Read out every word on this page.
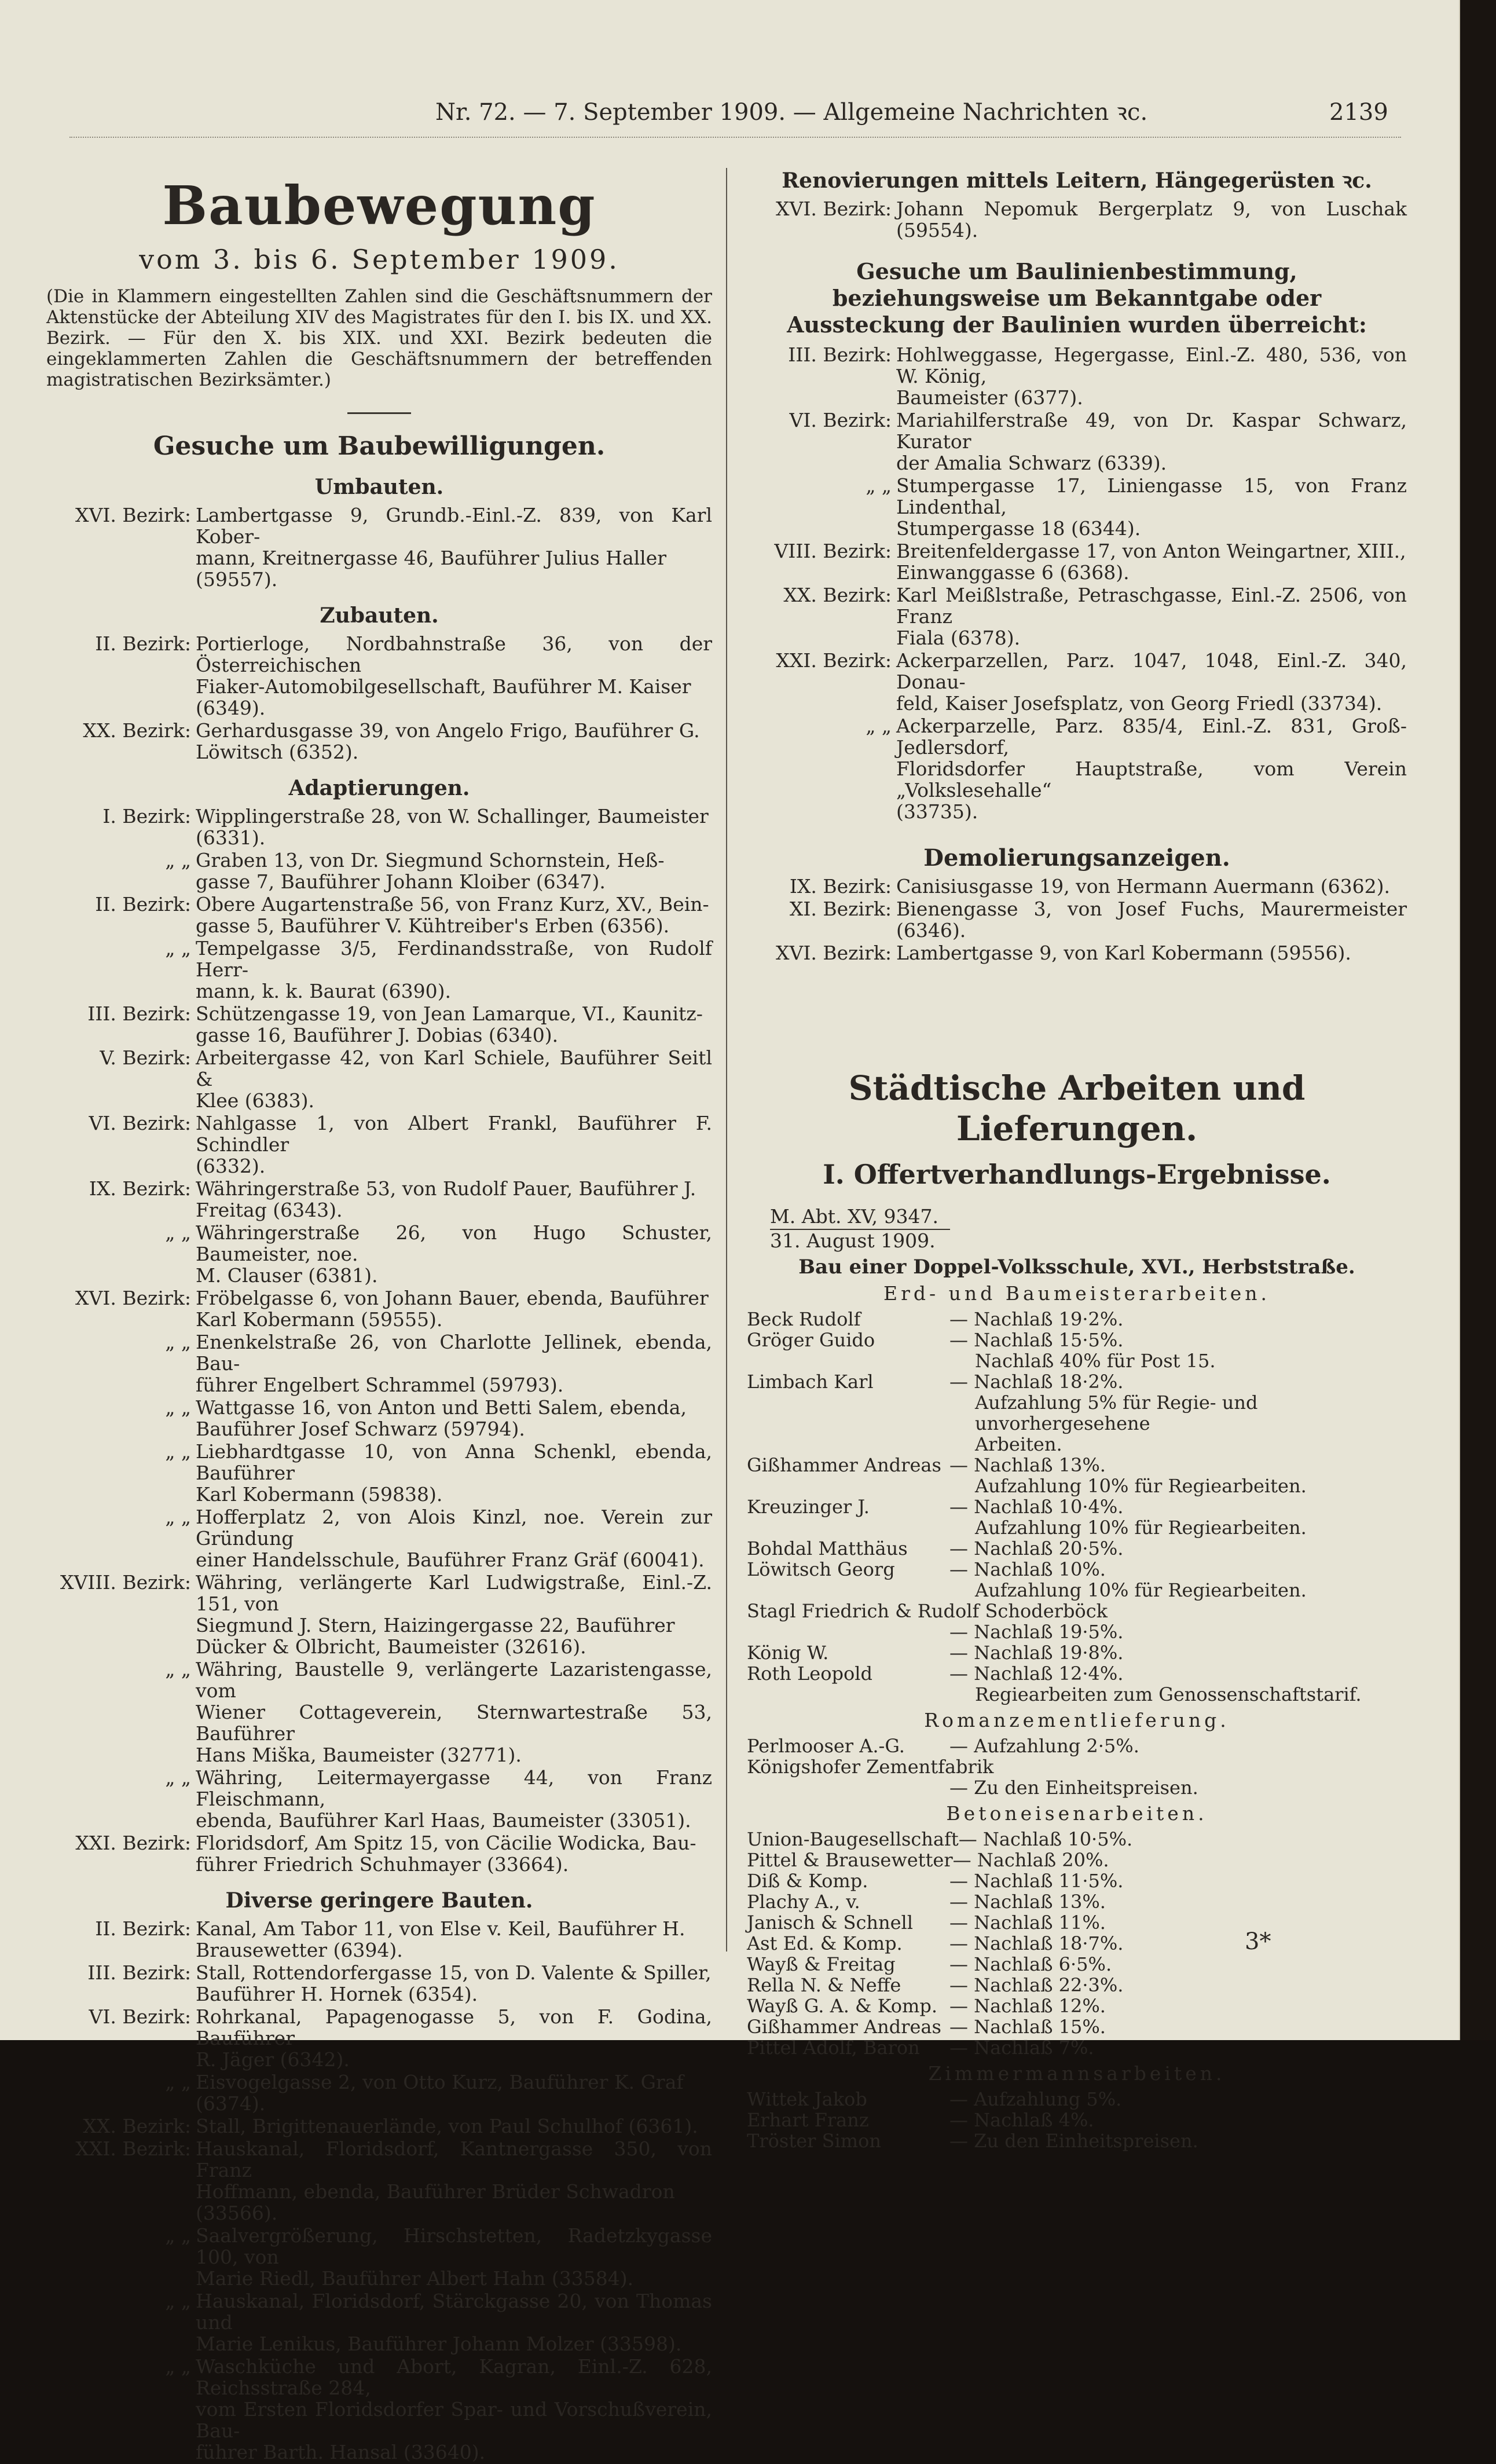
Nr. 72. — 7. September 1909. — Allgemeine Nachrichten ꝛc.	2139
Baubewegung
vom 3. bis 6. September 1909.
(Die in Klammern eingestellten Zahlen sind die Geschäftsnummern der Aktenstücke der Abteilung XIV des Magistrates für den I. bis IX. und XX. Bezirk. — Für den X. bis XIX. und XXI. Bezirk bedeuten die eingeklammerten Zahlen die Geschäftsnummern der betreffenden magistratischen Bezirksämter.)
Gesuche um Baubewilligungen.
Umbauten.
XVI. Bezirk: Lambertgasse 9, Grundb.-Einl.-Z. 839, von Karl Kober-
mann, Kreitnergasse 46, Bauführer Julius Haller
(59557).
Zubauten.
II. Bezirk: Portierloge, Nordbahnstraße 36, von der Österreichischen
Fiaker-Automobilgesellschaft, Bauführer M. Kaiser
(6349).
XX. Bezirk: Gerhardusgasse 39, von Angelo Frigo, Bauführer G.
Löwitsch (6352).
Adaptierungen.
I. Bezirk: Wipplingerstraße 28, von W. Schallinger, Baumeister
(6331).
„ „ Graben 13, von Dr. Siegmund Schornstein, Heß-
gasse 7, Bauführer Johann Kloiber (6347).
II. Bezirk: Obere Augartenstraße 56, von Franz Kurz, XV., Bein-
gasse 5, Bauführer V. Kühtreiber's Erben (6356).
„ „ Tempelgasse 3/5, Ferdinandsstraße, von Rudolf Herr-
mann, k. k. Baurat (6390).
III. Bezirk: Schützengasse 19, von Jean Lamarque, VI., Kaunitz-
gasse 16, Bauführer J. Dobias (6340).
V. Bezirk: Arbeitergasse 42, von Karl Schiele, Bauführer Seitl &
Klee (6383).
VI. Bezirk: Nahlgasse 1, von Albert Frankl, Bauführer F. Schindler
(6332).
IX. Bezirk: Währingerstraße 53, von Rudolf Pauer, Bauführer J.
Freitag (6343).
„ „ Währingerstraße 26, von Hugo Schuster, Baumeister, noe.
M. Clauser (6381).
XVI. Bezirk: Fröbelgasse 6, von Johann Bauer, ebenda, Bauführer
Karl Kobermann (59555).
„ „ Enenkelstraße 26, von Charlotte Jellinek, ebenda, Bau-
führer Engelbert Schrammel (59793).
„ „ Wattgasse 16, von Anton und Betti Salem, ebenda,
Bauführer Josef Schwarz (59794).
„ „ Liebhardtgasse 10, von Anna Schenkl, ebenda, Bauführer
Karl Kobermann (59838).
„ „ Hofferplatz 2, von Alois Kinzl, noe. Verein zur Gründung
einer Handelsschule, Bauführer Franz Gräf (60041).
XVIII. Bezirk: Währing, verlängerte Karl Ludwigstraße, Einl.-Z. 151, von
Siegmund J. Stern, Haizingergasse 22, Bauführer
Dücker & Olbricht, Baumeister (32616).
„ „ Währing, Baustelle 9, verlängerte Lazaristengasse, vom
Wiener Cottageverein, Sternwartestraße 53, Bauführer
Hans Miška, Baumeister (32771).
„ „ Währing, Leitermayergasse 44, von Franz Fleischmann,
ebenda, Bauführer Karl Haas, Baumeister (33051).
XXI. Bezirk: Floridsdorf, Am Spitz 15, von Cäcilie Wodicka, Bau-
führer Friedrich Schuhmayer (33664).
Diverse geringere Bauten.
II. Bezirk: Kanal, Am Tabor 11, von Else v. Keil, Bauführer H.
Brausewetter (6394).
III. Bezirk: Stall, Rottendorfergasse 15, von D. Valente & Spiller,
Bauführer H. Hornek (6354).
VI. Bezirk: Rohrkanal, Papagenogasse 5, von F. Godina, Bauführer
R. Jäger (6342).
„ „ Eisvogelgasse 2, von Otto Kurz, Bauführer K. Graf
(6374).
XX. Bezirk: Stall, Brigittenauerlände, von Paul Schulhof (6361).
XXI. Bezirk: Hauskanal, Floridsdorf, Kantnergasse 350, von Franz
Hoffmann, ebenda, Bauführer Brüder Schwadron
(33566).
„ „ Saalvergrößerung, Hirschstetten, Radetzkygasse 100, von
Marie Riedl, Bauführer Albert Hahn (33584).
„ „ Hauskanal, Floridsdorf, Stärckgasse 20, von Thomas und
Marie Lenikus, Bauführer Johann Molzer (33598).
„ „ Waschküche und Abort, Kagran, Einl.-Z. 628, Reichsstraße 284,
vom Ersten Floridsdorfer Spar- und Vorschußverein, Bau-
führer Barth. Hansal (33640).
Renovierungen mittels Leitern, Hängegerüsten ꝛc.
XVI. Bezirk: Johann Nepomuk Bergerplatz 9, von Luschak (59554).
Gesuche um Baulinienbestimmung, beziehungsweise um Bekanntgabe oder Aussteckung der Baulinien wurden überreicht:
III. Bezirk: Hohlweggasse, Hegergasse, Einl.-Z. 480, 536, von W. König,
Baumeister (6377).
VI. Bezirk: Mariahilferstraße 49, von Dr. Kaspar Schwarz, Kurator
der Amalia Schwarz (6339).
„ „ Stumpergasse 17, Liniengasse 15, von Franz Lindenthal,
Stumpergasse 18 (6344).
VIII. Bezirk: Breitenfeldergasse 17, von Anton Weingartner, XIII.,
Einwanggasse 6 (6368).
XX. Bezirk: Karl Meißlstraße, Petraschgasse, Einl.-Z. 2506, von Franz
Fiala (6378).
XXI. Bezirk: Ackerparzellen, Parz. 1047, 1048, Einl.-Z. 340, Donau-
feld, Kaiser Josefsplatz, von Georg Friedl (33734).
„ „ Ackerparzelle, Parz. 835/4, Einl.-Z. 831, Groß-Jedlersdorf,
Floridsdorfer Hauptstraße, vom Verein „Volkslesehalle“
(33735).
Demolierungsanzeigen.
IX. Bezirk: Canisiusgasse 19, von Hermann Auermann (6362).
XI. Bezirk: Bienengasse 3, von Josef Fuchs, Maurermeister (6346).
XVI. Bezirk: Lambertgasse 9, von Karl Kobermann (59556).
Städtische Arbeiten und Lieferungen.
I. Offertverhandlungs-Ergebnisse.
M. Abt. XV, 9347.
31. August 1909.
Bau einer Doppel-Volksschule, XVI., Herbststraße.
Erd- und Baumeisterarbeiten.
Beck Rudolf	— Nachlaß 19·2%.
Gröger Guido	— Nachlaß 15·5%.
Nachlaß 40% für Post 15.
Limbach Karl	— Nachlaß 18·2%.
Aufzahlung 5% für Regie- und unvorhergesehene
Arbeiten.
Gißhammer Andreas — Nachlaß 13%.
Aufzahlung 10% für Regiearbeiten.
Kreuzinger J.	— Nachlaß 10·4%.
Aufzahlung 10% für Regiearbeiten.
Bohdal Matthäus	— Nachlaß 20·5%.
Löwitsch Georg	— Nachlaß 10%.
Aufzahlung 10% für Regiearbeiten.
Stagl Friedrich & Rudolf Schoderböck
— Nachlaß 19·5%.
König W.	— Nachlaß 19·8%.
Roth Leopold	— Nachlaß 12·4%.
Regiearbeiten zum Genossenschaftstarif.
Romanzementlieferung.
Perlmooser A.-G.	— Aufzahlung 2·5%.
Königshofer Zementfabrik
— Zu den Einheitspreisen.
Betoneisenarbeiten.
Union-Baugesellschaft — Nachlaß 10·5%.
Pittel & Brausewetter — Nachlaß 20%.
Diß & Komp.	— Nachlaß 11·5%.
Plachy A., v.	— Nachlaß 13%.
Janisch & Schnell	— Nachlaß 11%.
Ast Ed. & Komp.	— Nachlaß 18·7%.
Wayß & Freitag	— Nachlaß 6·5%.
Rella N. & Neffe	— Nachlaß 22·3%.
Wayß G. A. & Komp. — Nachlaß 12%.
Gißhammer Andreas — Nachlaß 15%.
Pittel Adolf, Baron	— Nachlaß 7%.
Zimmermannsarbeiten.
Wittek Jakob	— Aufzahlung 5%.
Erhart Franz	— Nachlaß 4%.
Tröster Simon	— Zu den Einheitspreisen.
3*
